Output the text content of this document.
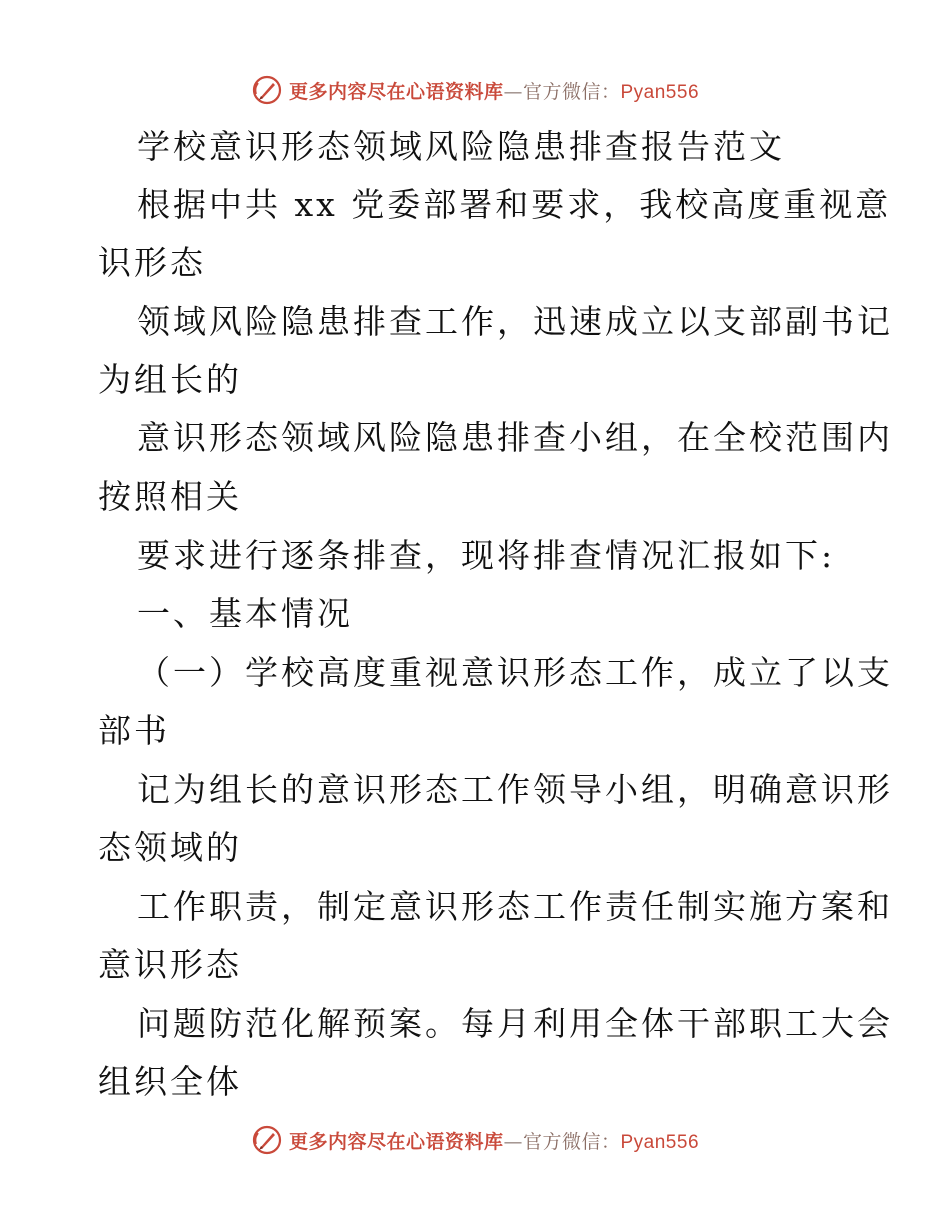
更多内容尽在心语资料库—官方微信：Pyan556
学校意识形态领域风险隐患排查报告范文
根据中共 xx 党委部署和要求，我校高度重视意
识形态
领域风险隐患排查工作，迅速成立以支部副书记
为组长的
意识形态领域风险隐患排查小组，在全校范围内
按照相关
要求进行逐条排查，现将排查情况汇报如下:
一、基本情况
（一）学校高度重视意识形态工作，成立了以支
部书
记为组长的意识形态工作领导小组，明确意识形
态领域的
工作职责，制定意识形态工作责任制实施方案和
意识形态
问题防范化解预案。每月利用全体干部职工大会
组织全体
更多内容尽在心语资料库—官方微信：Pyan556
